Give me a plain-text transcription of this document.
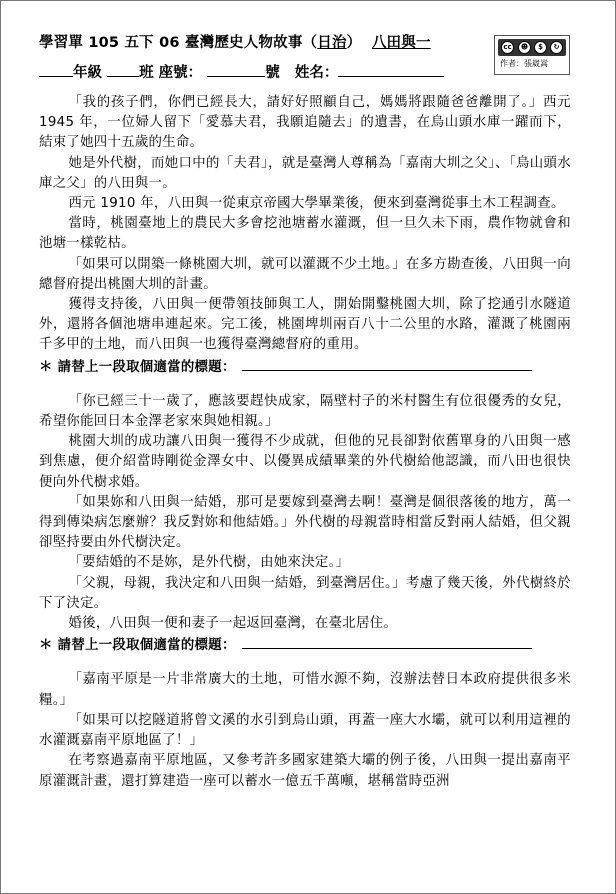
學習單 105 五下 06 臺灣歷史人物故事（日治） 八田與一
年級	班 座號：	號 姓名：
cc	☻	$	↻
作者：張崴嵩

「我的孩子們，你們已經長大，請好好照顧自己，媽媽將跟隨爸爸離開了。」西元 1945 年，一位婦人留下「愛慕夫君，我願追隨去」的遺書，在烏山頭水庫一躍而下，結束了她四十五歲的生命。

她是外代樹，而她口中的「夫君」，就是臺灣人尊稱為「嘉南大圳之父」、「烏山頭水庫之父」的八田與一。

西元 1910 年，八田與一從東京帝國大學畢業後，便來到臺灣從事土木工程調查。

當時，桃園臺地上的農民大多會挖池塘蓄水灌溉，但一旦久未下雨，農作物就會和池塘一樣乾枯。

「如果可以開築一條桃園大圳，就可以灌溉不少土地。」在多方勘查後，八田與一向總督府提出桃園大圳的計畫。

獲得支持後，八田與一便帶領技師與工人，開始開鑿桃園大圳，除了挖通引水隧道外，還將各個池塘串連起來。完工後，桃園埤圳兩百八十二公里的水路，灌溉了桃園兩千多甲的土地，而八田與一也獲得臺灣總督府的重用。

＊ 請替上一段取個適當的標題：

「你已經三十一歲了，應該要趕快成家，隔壁村子的米村醫生有位很優秀的女兒，希望你能回日本金澤老家來與她相親。」

桃園大圳的成功讓八田與一獲得不少成就，但他的兄長卻對依舊單身的八田與一感到焦慮，便介紹當時剛從金澤女中、以優異成績畢業的外代樹給他認識，而八田也很快便向外代樹求婚。

「如果妳和八田與一結婚，那可是要嫁到臺灣去啊！臺灣是個很落後的地方，萬一得到傳染病怎麼辦？我反對妳和他結婚。」外代樹的母親當時相當反對兩人結婚，但父親卻堅持要由外代樹決定。

「要結婚的不是妳，是外代樹，由她來決定。」

「父親，母親，我決定和八田與一結婚，到臺灣居住。」考慮了幾天後，外代樹終於下了決定。

婚後，八田與一便和妻子一起返回臺灣，在臺北居住。

＊ 請替上一段取個適當的標題：

「嘉南平原是一片非常廣大的土地，可惜水源不夠，沒辦法替日本政府提供很多米糧。」

「如果可以挖隧道將曾文溪的水引到烏山頭，再蓋一座大水壩，就可以利用這裡的水灌溉嘉南平原地區了！」

在考察過嘉南平原地區，又參考許多國家建築大壩的例子後，八田與一提出嘉南平原灌溉計畫，還打算建造一座可以蓄水一億五千萬噸，堪稱當時亞洲
